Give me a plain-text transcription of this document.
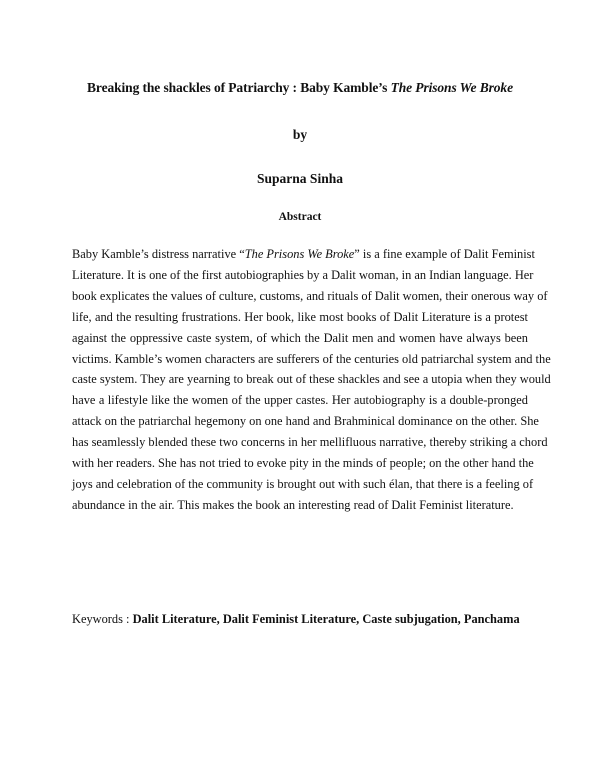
Breaking the shackles of Patriarchy : Baby Kamble’s The Prisons We Broke
by
Suparna Sinha
Abstract
Baby Kamble’s distress narrative “The Prisons We Broke” is a fine example of Dalit Feminist
Literature. It is one of the first autobiographies by a Dalit woman, in an Indian language. Her
book explicates the values of culture, customs, and rituals of Dalit women, their onerous way of
life, and the resulting frustrations. Her book, like most books of Dalit Literature is a protest
against the oppressive caste system, of which the Dalit men and women have always been
victims. Kamble’s women characters are sufferers of the centuries old patriarchal system and the
caste system. They are yearning to break out of these shackles and see a utopia when they would
have a lifestyle like the women of the upper castes. Her autobiography is a double-pronged
attack on the patriarchal hegemony on one hand and Brahminical dominance on the other. She
has seamlessly blended these two concerns in her mellifluous narrative, thereby striking a chord
with her readers. She has not tried to evoke pity in the minds of people; on the other hand the
joys and celebration of the community is brought out with such élan, that there is a feeling of
abundance in the air. This makes the book an interesting read of Dalit Feminist literature.
Keywords : Dalit Literature, Dalit Feminist Literature, Caste subjugation, Panchama
